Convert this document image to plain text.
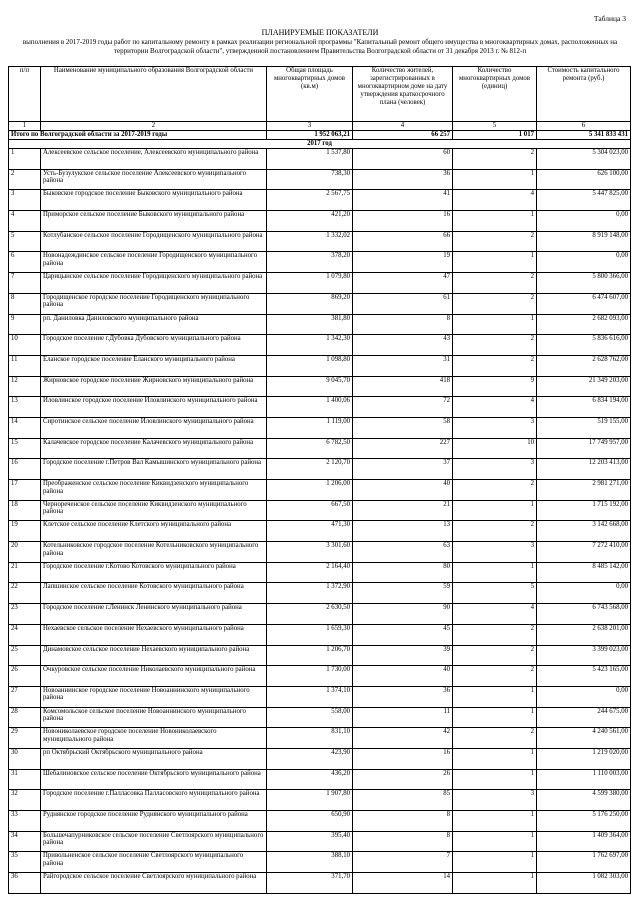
Таблица 3
ПЛАНИРУЕМЫЕ ПОКАЗАТЕЛИ
выполнения в 2017-2019 годы работ по капитальному ремонту в рамках реализации региональной программы "Капитальный ремонт общего имущества в многоквартирных домах, расположенных на территории Волгоградской области", утвержденной постановлением Правительства Волгоградской области от 31 декабря 2013 г. № 812-п
п/п	Наименование муниципального образования Волгоградской области	Общая площадь многоквартирных домов (кв.м)	Количество жителей, зарегистрированных в многоквартирном доме на дату утверждения краткосрочного плана (человек)	Количество многоквартирных домов (единиц)	Стоимость капитального ремонта (руб.)
1	2	3	4	5	6
Итого по Волгоградской области за 2017-2019 годы		1 952 063,21	66 257	1 017	5 341 833 431
2017 год					
1	Алексеевское сельское поселение, Алексеевского муниципального района	1 537,80	60	2	5 304 023,00
2	Усть-Бузулукское сельское поселение Алексеевского муниципального района	738,30	36	1	626 100,00
3	Быковское городское поселение Быковского муниципального района	2 567,75	41	4	5 447 825,00
4	Приморское сельское поселение Быковского муниципального района	421,20	16	1	0,00
5	Котлубанское сельское поселение Городищенского муниципального района	1 332,02	66	2	8 919 148,00
6	Новонадеждинское сельское поселение Городищенского муниципального района	378,20	19	1	0,00
7	Царицынское сельское поселение Городищенского муниципального района	1 079,80	47	2	5 800 366,00
8	Городищенское городское поселение Городищенского муниципального района	869,20	61	2	6 474 607,00
9	рп. Даниловка Даниловского муниципального района	381,80	8	1	2 682 093,00
10	Городское поселение г.Дубовка Дубовского муниципального района	1 342,30	43	2	5 836 616,00
11	Еланское городское поселение Еланского муниципального района	1 098,80	31	2	2 628 762,00
12	Жирновское городское поселение Жирновского муниципального района	9 045,70	418	9	21 349 203,00
13	Иловлинское городское поселение Иловлинского муниципального района	1 400,06	72	4	6 834 194,00
14	Сиротинское сельское поселение Иловлинского муниципального района	1 119,00	58	3	519 155,00
15	Калачевское городское поселение Калачевского муниципального района	6 782,50	227	10	17 749 957,00
16	Городское поселение г.Петров Вал Камышинского муниципального района	2 120,70	37	3	12 203 413,00
17	Преображенское сельское поселение Киквидзенского муниципального района	1 206,00	40	2	2 981 271,00
18	Чернореченское сельское поселение Киквидзенского муниципального района	667,50	21	1	1 715 192,00
19	Клетское сельское поселение Клетского муниципального района	471,30	13	2	3 142 668,00
20	Котельниковское городское поселение Котельниковского муниципального района	3 301,60	63	3	7 272 410,00
21	Городское поселение г.Котово Котовского муниципального района	2 164,40	80	1	8 485 142,00
22	Лапшинское сельское поселение Котовского муниципального района	1 372,90	59	5	0,00
23	Городское поселение г.Ленинск Ленинского муниципального района	2 630,50	90	4	6 743 568,00
24	Нехаевское сельское поселение Нехаевского муниципального района	1 659,30	45	2	2 638 201,00
25	Динамовское сельское поселение Нехаевского муниципального района	1 206,70	39	2	3 399 023,00
26	Очкуровское сельское поселение Николаевского муниципального района	1 730,00	40	2	5 423 165,00
27	Новоаннинское городское поселение Новоаннинского муниципального района	1 374,10	36	1	0,00
28	Комсомольское сельское поселение Новоаннинского муниципального района	558,00	11	1	244 675,00
29	Новониколаевское городское поселение Новониколаевского муниципального района	831,10	42	2	4 240 561,00
30	рп Октябрьский Октябрьского муниципального района	423,90	16	1	1 219 020,00
31	Шебалиновское сельское поселение Октябрьского муниципального района	436,20	26	1	1 110 003,00
32	Городское поселение г.Палласовка Палласовского муниципального района	1 907,80	85	3	4 599 380,00
33	Руднянское городское поселение Руднянского муниципального района	650,90	8	1	5 176 250,00
34	Большечапурниковское сельское поселение Светлоярского муниципального района	395,40	8	1	1 409 364,00
35	Привольненское сельское поселение Светлоярского муниципального района	388,10	7	1	1 762 697,00
36	Райгородское сельское поселение Светлоярского муниципального района	371,70	14	1	1 082 303,00
